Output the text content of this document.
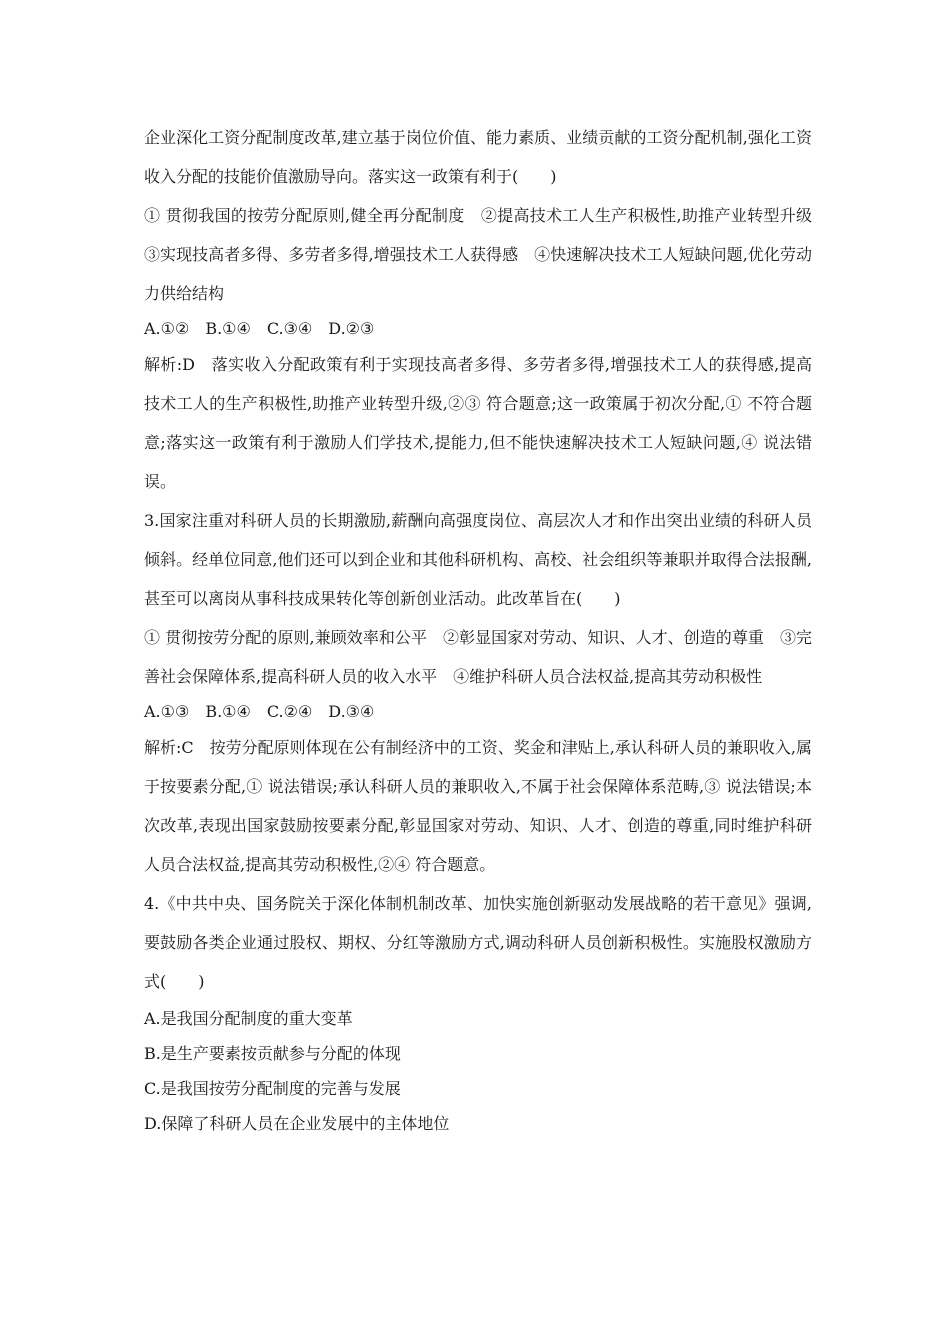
企业深化工资分配制度改革,建立基于岗位价值、能力素质、业绩贡献的工资分配机制,强化工资收入分配的技能价值激励导向。落实这一政策有利于(　　)

① 贯彻我国的按劳分配原则,健全再分配制度　②提高技术工人生产积极性,助推产业转型升级　③实现技高者多得、多劳者多得,增强技术工人获得感　④快速解决技术工人短缺问题,优化劳动力供给结构

A.①②　B.①④　C.③④　D.②③

解析:D　落实收入分配政策有利于实现技高者多得、多劳者多得,增强技术工人的获得感,提高技术工人的生产积极性,助推产业转型升级,②③ 符合题意;这一政策属于初次分配,① 不符合题意;落实这一政策有利于激励人们学技术,提能力,但不能快速解决技术工人短缺问题,④ 说法错误。

3.国家注重对科研人员的长期激励,薪酬向高强度岗位、高层次人才和作出突出业绩的科研人员倾斜。经单位同意,他们还可以到企业和其他科研机构、高校、社会组织等兼职并取得合法报酬,甚至可以离岗从事科技成果转化等创新创业活动。此改革旨在(　　)

① 贯彻按劳分配的原则,兼顾效率和公平　②彰显国家对劳动、知识、人才、创造的尊重　③完善社会保障体系,提高科研人员的收入水平　④维护科研人员合法权益,提高其劳动积极性

A.①③　B.①④　C.②④　D.③④

解析:C　按劳分配原则体现在公有制经济中的工资、奖金和津贴上,承认科研人员的兼职收入,属于按要素分配,① 说法错误;承认科研人员的兼职收入,不属于社会保障体系范畴,③ 说法错误;本次改革,表现出国家鼓励按要素分配,彰显国家对劳动、知识、人才、创造的尊重,同时维护科研人员合法权益,提高其劳动积极性,②④ 符合题意。

4.《中共中央、国务院关于深化体制机制改革、加快实施创新驱动发展战略的若干意见》强调,要鼓励各类企业通过股权、期权、分红等激励方式,调动科研人员创新积极性。实施股权激励方式(　　)

A.是我国分配制度的重大变革

B.是生产要素按贡献参与分配的体现

C.是我国按劳分配制度的完善与发展

D.保障了科研人员在企业发展中的主体地位
